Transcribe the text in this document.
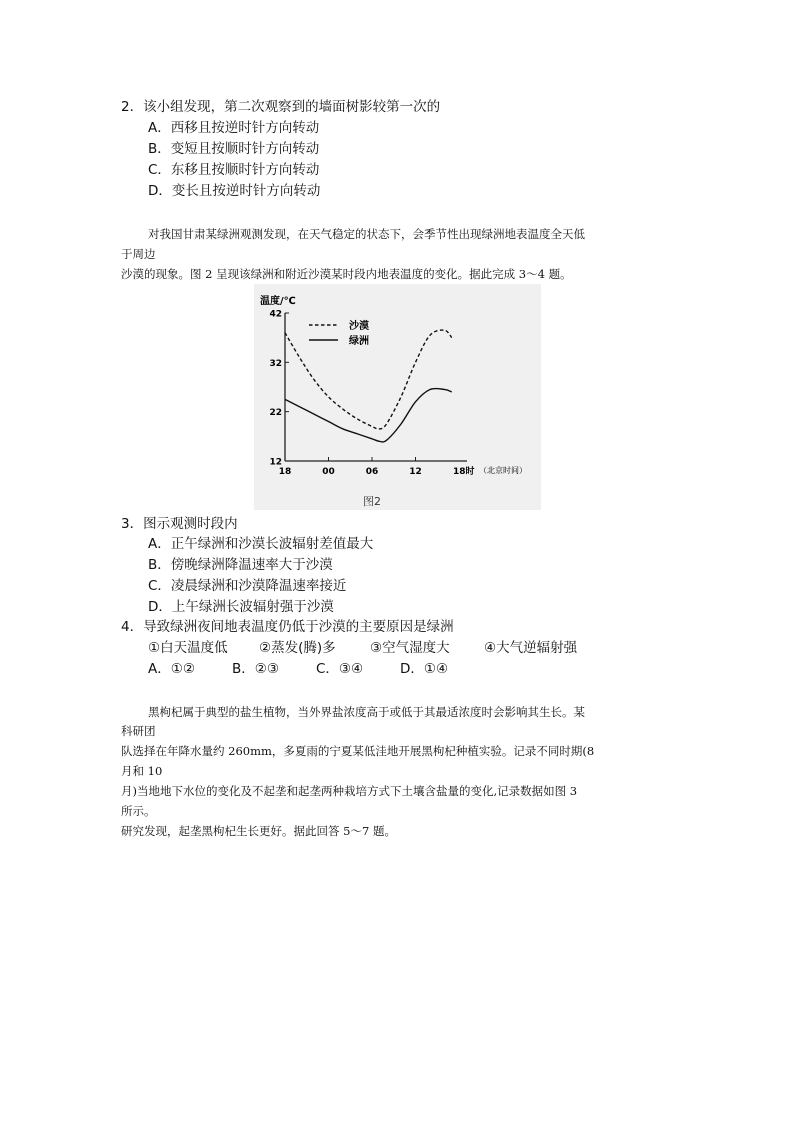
2．该小组发现，第二次观察到的墙面树影较第一次的
A．西移且按逆时针方向转动
B．变短且按顺时针方向转动
C．东移且按顺时针方向转动
D．变长且按逆时针方向转动
对我国甘肃某绿洲观测发现，在天气稳定的状态下，会季节性出现绿洲地表温度全天低
于周边
沙漠的现象。图 2 呈现该绿洲和附近沙漠某时段内地表温度的变化。据此完成 3～4 题。
温度/℃
12
22
32
42
18	00	06	12	18时
沙漠
绿洲
（北京时间）
图2
3．图示观测时段内
A．正午绿洲和沙漠长波辐射差值最大
B．傍晚绿洲降温速率大于沙漠
C．凌晨绿洲和沙漠降温速率接近
D．上午绿洲长波辐射强于沙漠
4．导致绿洲夜间地表温度仍低于沙漠的主要原因是绿洲
①白天温度低 ②蒸发(腾)多	③空气湿度大	④大气逆辐射强
A．①②	B．②③	C．③④	D．①④
黑枸杞属于典型的盐生植物，当外界盐浓度高于或低于其最适浓度时会影响其生长。某
科研团
队选择在年降水量约 260mm，多夏雨的宁夏某低洼地开展黑枸杞种植实验。记录不同时期(8
月和 10
月)当地地下水位的变化及不起垄和起垄两种栽培方式下土壤含盐量的变化,记录数据如图 3
所示。
研究发现，起垄黑枸杞生长更好。据此回答 5～7 题。
